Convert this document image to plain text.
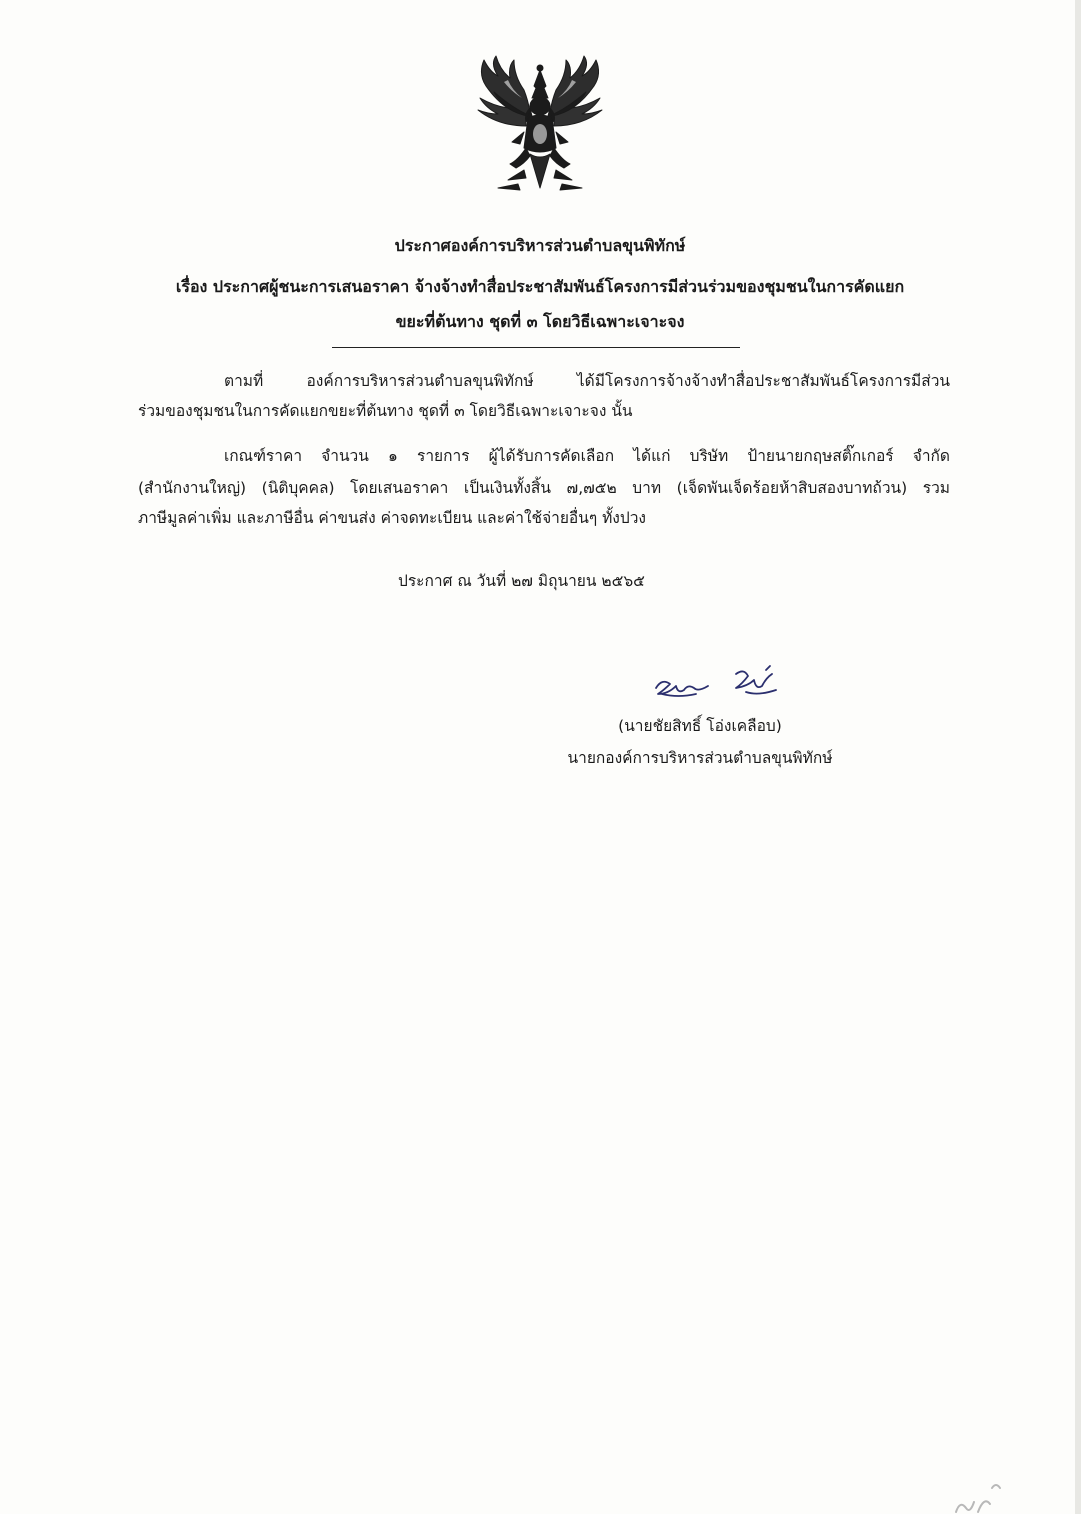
ประกาศองค์การบริหารส่วนตำบลขุนพิทักษ์
เรื่อง ประกาศผู้ชนะการเสนอราคา จ้างจ้างทำสื่อประชาสัมพันธ์โครงการมีส่วนร่วมของชุมชนในการคัดแยก
ขยะที่ต้นทาง ชุดที่ ๓ โดยวิธีเฉพาะเจาะจง
ตามที่ องค์การบริหารส่วนตำบลขุนพิทักษ์ ได้มีโครงการจ้างจ้างทำสื่อประชาสัมพันธ์โครงการมีส่วน
ร่วมของชุมชนในการคัดแยกขยะที่ต้นทาง ชุดที่ ๓ โดยวิธีเฉพาะเจาะจง นั้น
เกณฑ์ราคา จำนวน ๑ รายการ ผู้ได้รับการคัดเลือก ได้แก่ บริษัท ป้ายนายกฤษสติ๊กเกอร์ จำกัด
(สำนักงานใหญ่) (นิติบุคคล) โดยเสนอราคา เป็นเงินทั้งสิ้น ๗,๗๕๒ บาท (เจ็ดพันเจ็ดร้อยห้าสิบสองบาทถ้วน) รวม
ภาษีมูลค่าเพิ่ม และภาษีอื่น ค่าขนส่ง ค่าจดทะเบียน และค่าใช้จ่ายอื่นๆ ทั้งปวง
ประกาศ ณ วันที่ ๒๗ มิถุนายน ๒๕๖๕
(นายชัยสิทธิ์ โอ่งเคลือบ)
นายกองค์การบริหารส่วนตำบลขุนพิทักษ์
